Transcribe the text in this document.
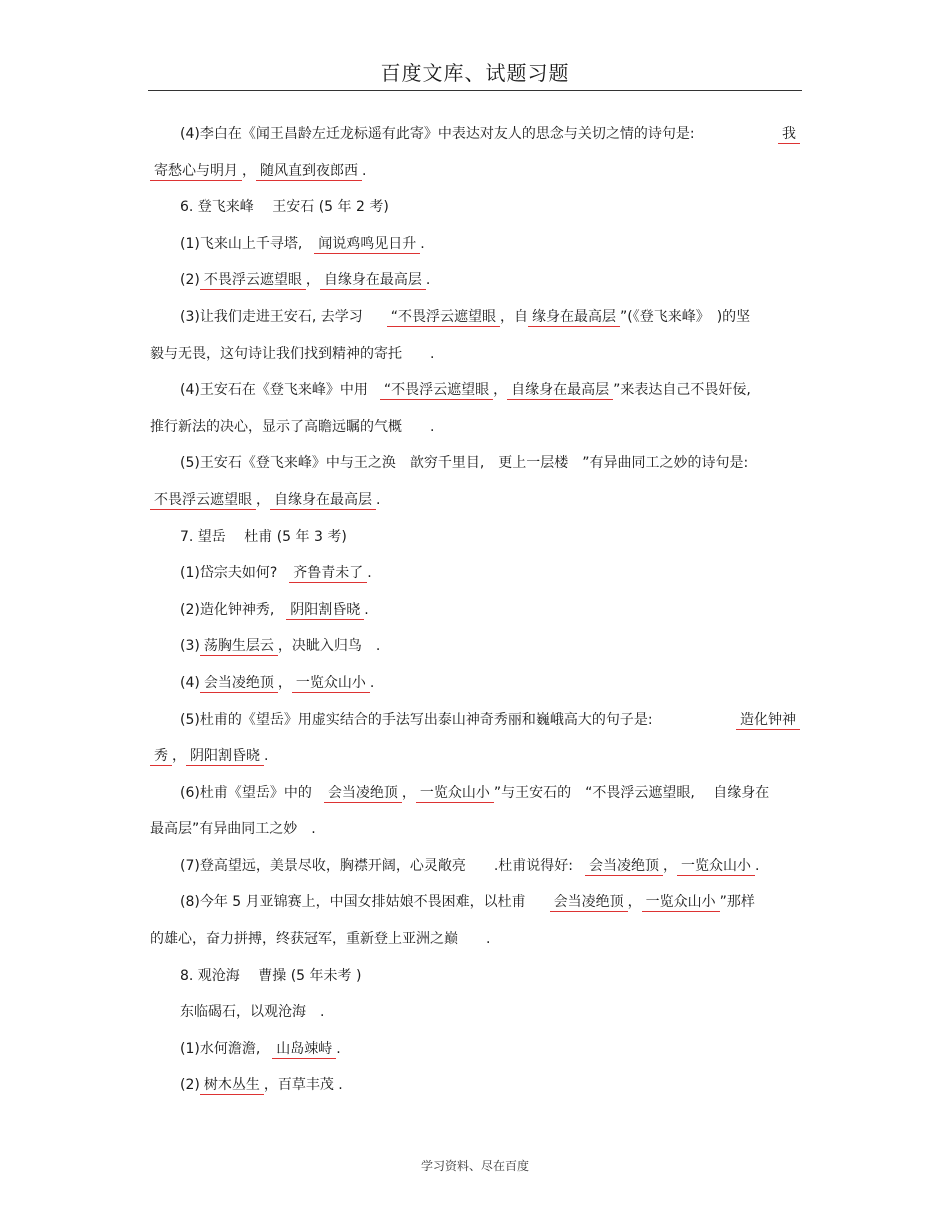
百度文库、试题习题
(4)李白在《闻王昌龄左迁龙标遥有此寄》中表达对友人的思念与关切之情的诗句是:	我
寄愁心与明月 ， 随风直到夜郎西 .
6. 登飞来峰　 王安石 (5 年 2 考)
(1)飞来山上千寻塔, 闻说鸡鸣见日升 .
(2) 不畏浮云遮望眼 ， 自缘身在最高层 .
(3)让我们走进王安石, 去学习 “不畏浮云遮望眼 ，自 缘身在最高层 ”(《登飞来峰》　)的坚
毅与无畏，这句诗让我们找到精神的寄托　　.
(4)王安石在《登飞来峰》中用 “不畏浮云遮望眼 ， 自缘身在最高层 ”来表达自己不畏奸佞,
推行新法的决心，显示了高瞻远瞩的气概　　.
(5)王安石《登飞来峰》中与王之涣　歆穷千里目,　更上一层楼　”有异曲同工之妙的诗句是:
不畏浮云遮望眼 ， 自缘身在最高层 .
7. 望岳　 杜甫 (5 年 3 考)
(1)岱宗夫如何? 齐鲁青未了 .
(2)造化钟神秀, 阴阳割昏晓 .
(3) 荡胸生层云 ，决眦入归鸟　.
(4) 会当凌绝顶 ， 一览众山小 .
(5)杜甫的《望岳》用虚实结合的手法写出泰山神奇秀丽和巍峨高大的句子是:	造化钟神
秀 ， 阴阳割昏晓 .
(6)杜甫《望岳》中的 会当凌绝顶 ， 一览众山小 ”与王安石的　“不畏浮云遮望眼,　 自缘身在
最高层”有异曲同工之妙　.
(7)登高望远，美景尽收，胸襟开阔，心灵敞亮　　.杜甫说得好: 会当凌绝顶 ， 一览众山小 .
(8)今年 5 月亚锦赛上，中国女排姑娘不畏困难，以杜甫 会当凌绝顶 ， 一览众山小 ”那样
的雄心，奋力拼搏，终获冠军，重新登上亚洲之巅　　.
8. 观沧海　 曹操 (5 年未考 )
东临碣石，以观沧海　.
(1)水何澹澹, 山岛竦峙 .
(2) 树木丛生 ，百草丰茂 .
学习资料、尽在百度
